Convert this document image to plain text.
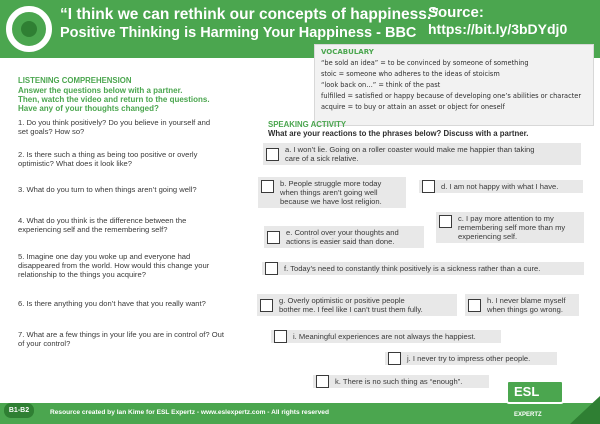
“I think we can rethink our concepts of happiness.”
Positive Thinking is Harming Your Happiness - BBC
Source:
https://bit.ly/3bDYdj0
VOCABULARY
“be sold an idea” = to be convinced by someone of something
stoic = someone who adheres to the ideas of stoicism
“look back on…” = think of the past
fulfilled = satisfied or happy because of developing one’s abilities or character
acquire = to buy or attain an asset or object for oneself
LISTENING COMPREHENSION
Answer the questions below with a partner.
Then, watch the video and return to the questions.
Have any of your thoughts changed?
1. Do you think positively? Do you believe in yourself and
set goals? How so?
2. Is there such a thing as being too positive or overly
optimistic? What does it look like?
3. What do you turn to when things aren’t going well?
4. What do you think is the difference between the
experiencing self and the remembering self?
5. Imagine one day you woke up and everyone had
disappeared from the world. How would this change your
relationship to the things you acquire?
6. Is there anything you don’t have that you really want?
7. What are a few things in your life you are in control of? Out
of your control?
SPEAKING ACTIVITY
What are your reactions to the phrases below? Discuss with a partner.
a. I won’t lie. Going on a roller coaster would make me happier than taking
care of a sick relative.
b. People struggle more today
when things aren’t going well
because we have lost religion.
d. I am not happy with what I have.
c. I pay more attention to my
remembering self more than my
experiencing self.
e. Control over your thoughts and
actions is easier said than done.
f. Today’s need to constantly think positively is a sickness rather than a cure.
g. Overly optimistic or positive people
bother me. I feel like I can’t trust them fully.
h. I never blame myself
when things go wrong.
i. Meaningful experiences are not always the happiest.
j. I never try to impress other people.
k. There is no such thing as “enough”.
B1-B2	Resource created by Ian Kime for ESL Expertz - www.eslexpertz.com - All rights reserved
ESL EXPERTZ
